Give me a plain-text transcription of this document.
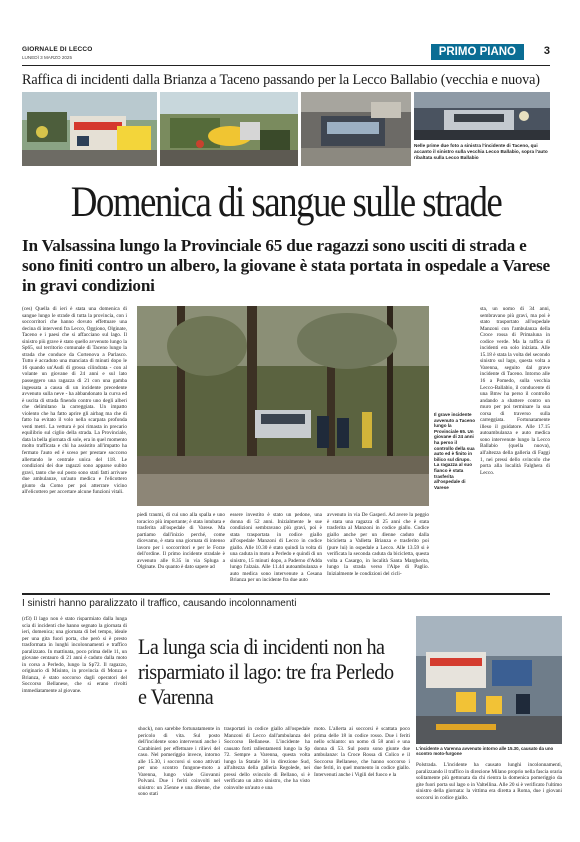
GIORNALE DI LECCO
LUNEDÌ 3 MARZO 2025	PRIMO PIANO	3
Raffica di incidenti dalla Brianza a Taceno passando per la Lecco Ballabio (vecchia e nuova)
Nelle prime due foto a sinistra l'incidente di Taceno, qui accanto il sinistro sulla vecchia Lecco Ballabio, sopra l'auto ribaltata sulla Lecco Ballabio
Domenica di sangue sulle strade
In Valsassina lungo la Provinciale 65 due ragazzi sono usciti di strada e sono finiti contro un albero, la giovane è stata portata in ospedale a Varese in gravi condizioni
(ces) Quella di ieri è stata una domenica di sangue lungo le strade di tutta la provincia, con i soccorritori che hanno dovuto effettuare una decina di interventi fra Lecco, Oggiono, Olginate, Taceno e i paesi che si affacciano sul lago. Il sinistro più grave è stato quello avvenuto lungo la Sp65, sul territorio comunale di Taceno lungo la strada che conduce da Cortenova a Parlasco. Tutto è accaduto una manciata di minuti dopo le 16 quando un'Audi di grossa cilindrata - con al volante un giovane di 24 anni e sul lato passeggero una ragazza di 21 con una gamba ingessata a causa di un incidente precedente avvenuto sulla neve - ha abbandonato la curva ed è uscita di strada finendo contro uno degli alberi che delimitano la carreggiata. Un impatto violento che ha fatto aprire gli airbag ma che di fatto ha evitato il volo nella scarpata profonda venti metri. La vettura è poi rimasta in precario equilibrio sul ciglio della strada. La Provinciale, data la bella giornata di sole, era in quel momento molto trafficata e chi ha assistito all'impatto ha fermato l'auto ed è sceso per prestare soccorso allertando le centrale unica del 118. Le condizioni dei due ragazzi sono apparse subito gravi, tanto che sul posto sono stati fatti arrivare due ambulanze, un'auto medica e l'elicottero giunto da Como per poi atterrare vicino all'elicottero per accertare alcune funzioni vitali.
piedi traumi, di cui uno alla spalla e uno toracico più importante; è stata intubata e trasferita all'ospedale di Varese. Ma partiamo dall'inizio perché, come dicevamo, è stata una giornata di intenso lavoro per i soccorritori e per le Forze dell'ordine. Il primo incidente stradale è avvenuto alle 8.35 in via Spluga a Olginate. Du quanto è dato sapere ad
essere investito è stato un pedone, una donna di 52 anni. Inizialmente le sue condizioni sembravano più gravi, poi è stata trasportata in codice giallo all'ospedale Manzoni di Lecco in codice giallo. Alle 10.30 è stato quindi la volta di una caduta in moto a Perledo e quindi di un sinistro, 15 minuti dopo, a Paderno d'Adda lungo l'alzaia. Alle 11.44 autoambulanza e auto medica sono intervenute a Cesana Brianza per un incidente fra due auto
avvenuto in via De Gasperi. Ad avere la peggio è stata una ragazza di 25 anni che è stata trasferita al Manzoni in codice giallo. Codice giallo anche per un 4lenne caduto dalla bicicletta a Valletta Brianza e trasferito poi (pure lui) in ospedale a Lecco. Alle 13.59 si è verificata la seconda caduta da bicicletta, questa volta a Casargo, in località Santa Margherita, lungo la strada verso l'Alpe di Paglio. Inizialmente le condizioni del cicli-
Il grave incidente avvenuto a Taceno lungo la Provinciale 65. Un giovane di 24 anni ha perso il controllo della sua auto ed è finito in bilico sul dirupo. La ragazza al suo fianco è stata trasferita all'ospedale di Varese
sta, un uomo di 34 anni, sembravano più gravi, ma poi è stato trasportato all'ospedale Manzoni con l'ambulanza della Croce rossa di Primaluna in codice verde. Ma la raffica di incidenti era solo iniziata. Alle 15.18 è stata la volta del secondo sinistro sul lago, questa volta a Varenna, seguito dal grave incidente di Taceno. Intorno alle 16 a Pomedo, sulla vecchia Lecco-Ballabio, il conducente di una Bmw ha perso il controllo andando a sbattere contro un muro per poi terminare la sua corsa di traverso sulla carreggiata. Fortunatamente illeso il guidatore. Alle 17.15 autoambulanza e auto medica sono intervenute lungo la Lecco Ballabio (quella nuova), all'altezza della galleria di Faggi 1, nei pressi dello svincolo che porta alla località Falghera di Lecco.
I sinistri hanno paralizzato il traffico, causando incolonnamenti
(rf3) Il lago non è stato risparmiato dalla lunga scia di incidenti che hanno segnato la giornata di ieri, domenica; una giornata di bel tempo, ideale per una gita fuori porta, che però si è presto trasformata in lunghi incolonnamenti e traffico paralizzato. In mattinata, poco prima delle 11, un giovane centauro di 21 anni è caduto dalla moto in corsa a Perledo, lungo la Sp72. Il ragazzo, originario di Misinto, in provincia di Monza e Brianza, è stato soccorso dagli operatori del Soccorso Bellanese, che si erano rivolti immediatamente al giovane.
La lunga scia di incidenti non ha risparmiato il lago: tre fra Perledo e Varenna
shock), non sarebbe fortunatamente in pericolo di vita. Sul posto dell'incidente sono intervenuti anche i Carabinieri per effettuare i rilievi del caso. Nel pomeriggio invece, intorno alle 15.30, i soccorsi si sono attivati per uno scontro fungone-moto a Varenna, lungo viale Giovanni Polvani. Due i feriti coinvolti nel sinistro: un 25enne e una 48enne, che sono stati
trasportati in codice giallo all'ospedale Manzoni di Lecco dall'ambulanza del Soccorso Bellanese. L'incidente ha causato forti rallentamenti lungo la Sp 72. Sempre a Varenna, questa volta lungo la Statale 36 in direzione Sud, all'altezza della galleria Regolede, nei pressi dello svincolo di Bellano, si è verificato un altro sinistro, che ha visto coinvolte un'auto e una
moto. L'allerta ai soccorsi è scattata poco prima delle 18 in codice rosso. Due i feriti nello schianto: un uomo di 58 anni e una donna di 53. Sul posto sono giunte due ambulanze: la Croce Rossa di Colico e il Soccorso Bellanese, che hanno soccorso i due feriti, in quel momento in codice giallo. Intervenuti anche i Vigili del fuoco e la
L'incidente a Varenna avvenuto intorno alle 15.30, causato da uno scontro moto-furgone
Polstrada. L'incidente ha causato lunghi incolonnamenti, paralizzando il traffico in direzione Milano proprio nella fascia oraria solitamente più gettonata da chi rientra la domenica pomeriggio da gite fuori porta sul lago o in Valtellina. Alle 20 si è verificato l'ultimo sinistro della giornata: la vittima era diretta a Roma, due i giovani soccorsi in codice giallo.
